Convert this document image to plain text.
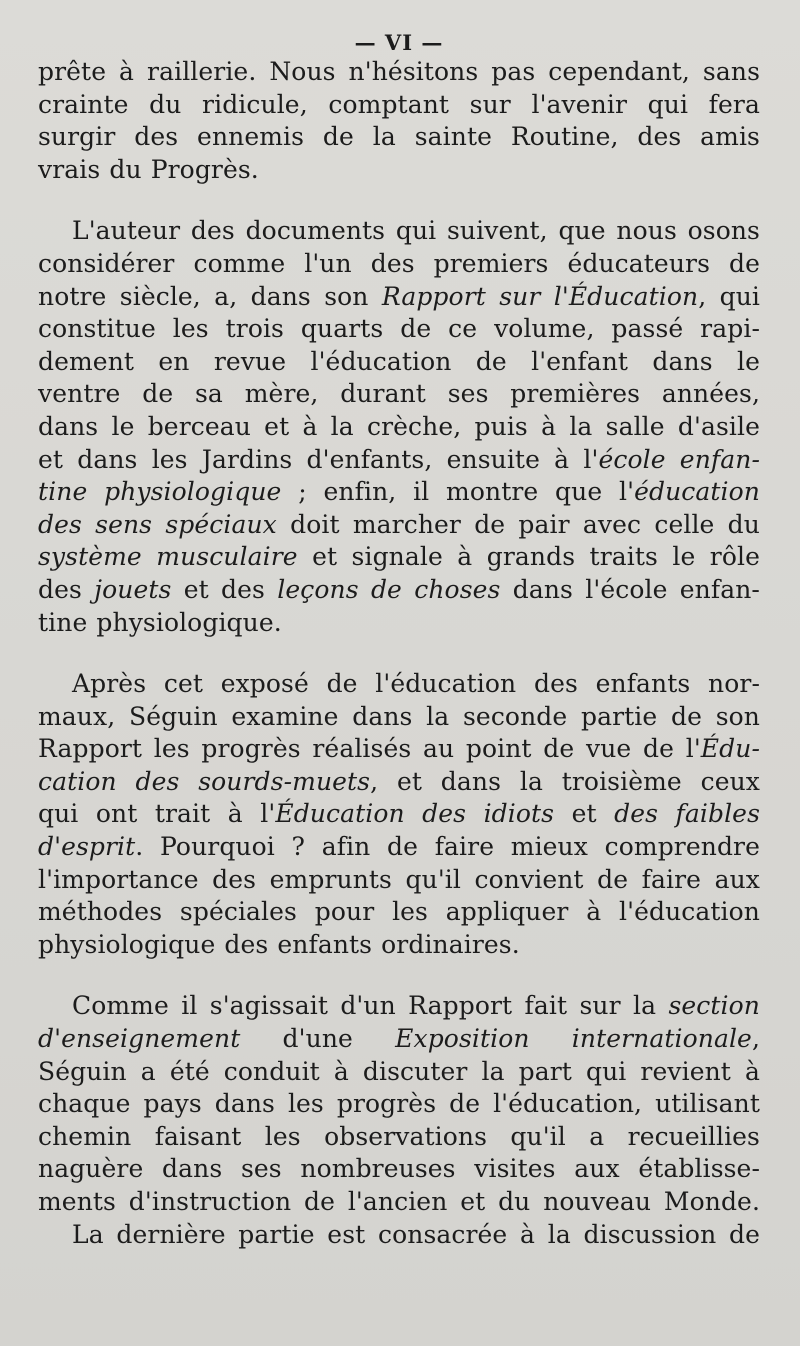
— VI —
prête à raillerie. Nous n'hésitons pas cependant, sans
crainte du ridicule, comptant sur l'avenir qui fera
surgir des ennemis de la sainte Routine, des amis
vrais du Progrès.
L'auteur des documents qui suivent, que nous osons
considérer comme l'un des premiers éducateurs de
notre siècle, a, dans son Rapport sur l'Éducation, qui
constitue les trois quarts de ce volume, passé rapi-
dement en revue l'éducation de l'enfant dans le
ventre de sa mère, durant ses premières années,
dans le berceau et à la crèche, puis à la salle d'asile
et dans les Jardins d'enfants, ensuite à l'école enfan-
tine physiologique ; enfin, il montre que l'éducation
des sens spéciaux doit marcher de pair avec celle du
système musculaire et signale à grands traits le rôle
des jouets et des leçons de choses dans l'école enfan-
tine physiologique.
Après cet exposé de l'éducation des enfants nor-
maux, Séguin examine dans la seconde partie de son
Rapport les progrès réalisés au point de vue de l'Édu-
cation des sourds-muets, et dans la troisième ceux
qui ont trait à l'Éducation des idiots et des faibles
d'esprit. Pourquoi ? afin de faire mieux comprendre
l'importance des emprunts qu'il convient de faire aux
méthodes spéciales pour les appliquer à l'éducation
physiologique des enfants ordinaires.
Comme il s'agissait d'un Rapport fait sur la section
d'enseignement d'une Exposition internationale,
Séguin a été conduit à discuter la part qui revient à
chaque pays dans les progrès de l'éducation, utilisant
chemin faisant les observations qu'il a recueillies
naguère dans ses nombreuses visites aux établisse-
ments d'instruction de l'ancien et du nouveau Monde.
La dernière partie est consacrée à la discussion de
